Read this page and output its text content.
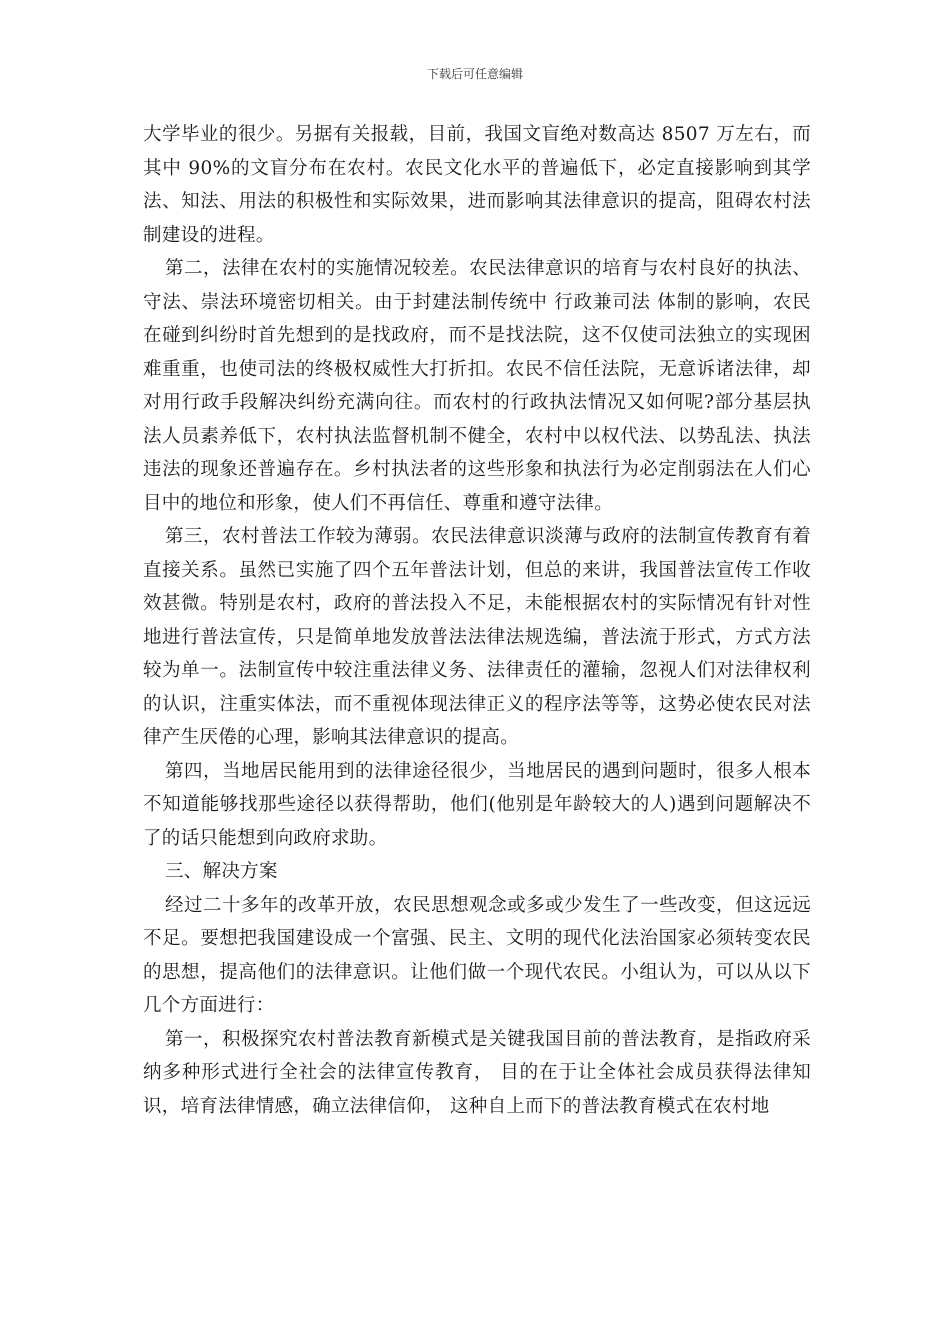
下载后可任意编辑

大学毕业的很少。另据有关报载，目前，我国文盲绝对数高达 8507 万左右，而其中 90%的文盲分布在农村。农民文化水平的普遍低下，必定直接影响到其学法、知法、用法的积极性和实际效果，进而影响其法律意识的提高，阻碍农村法制建设的进程。

第二，法律在农村的实施情况较差。农民法律意识的培育与农村良好的执法、守法、崇法环境密切相关。由于封建法制传统中 行政兼司法 体制的影响，农民在碰到纠纷时首先想到的是找政府，而不是找法院，这不仅使司法独立的实现困难重重，也使司法的终极权威性大打折扣。农民不信任法院，无意诉诸法律，却对用行政手段解决纠纷充满向往。而农村的行政执法情况又如何呢?部分基层执法人员素养低下，农村执法监督机制不健全，农村中以权代法、以势乱法、执法违法的现象还普遍存在。乡村执法者的这些形象和执法行为必定削弱法在人们心目中的地位和形象，使人们不再信任、尊重和遵守法律。

第三，农村普法工作较为薄弱。农民法律意识淡薄与政府的法制宣传教育有着直接关系。虽然已实施了四个五年普法计划，但总的来讲，我国普法宣传工作收效甚微。特别是农村，政府的普法投入不足，未能根据农村的实际情况有针对性地进行普法宣传，只是简单地发放普法法律法规选编，普法流于形式，方式方法较为单一。法制宣传中较注重法律义务、法律责任的灌输，忽视人们对法律权利的认识，注重实体法，而不重视体现法律正义的程序法等等，这势必使农民对法律产生厌倦的心理，影响其法律意识的提高。

第四，当地居民能用到的法律途径很少，当地居民的遇到问题时，很多人根本不知道能够找那些途径以获得帮助，他们(他别是年龄较大的人)遇到问题解决不了的话只能想到向政府求助。

三、解决方案

经过二十多年的改革开放，农民思想观念或多或少发生了一些改变，但这远远不足。要想把我国建设成一个富强、民主、文明的现代化法治国家必须转变农民的思想，提高他们的法律意识。让他们做一个现代农民。小组认为，可以从以下几个方面进行：

第一，积极探究农村普法教育新模式是关键我国目前的普法教育，是指政府采纳多种形式进行全社会的法律宣传教育， 目的在于让全体社会成员获得法律知识，培育法律情感，确立法律信仰， 这种自上而下的普法教育模式在农村地
